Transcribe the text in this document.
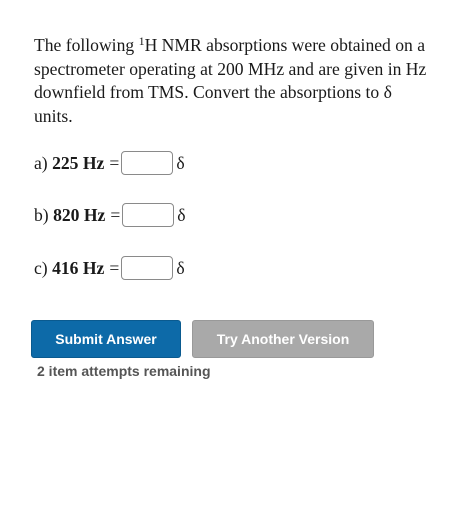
The following $^1$H NMR absorptions were obtained on a spectrometer operating at 200 MHz and are given in Hz downfield from TMS. Convert the absorptions to δ units.

a) 225 Hz =	δ
b) 820 Hz =	δ
c) 416 Hz =	δ
Submit Answer	Try Another Version
2 item attempts remaining
